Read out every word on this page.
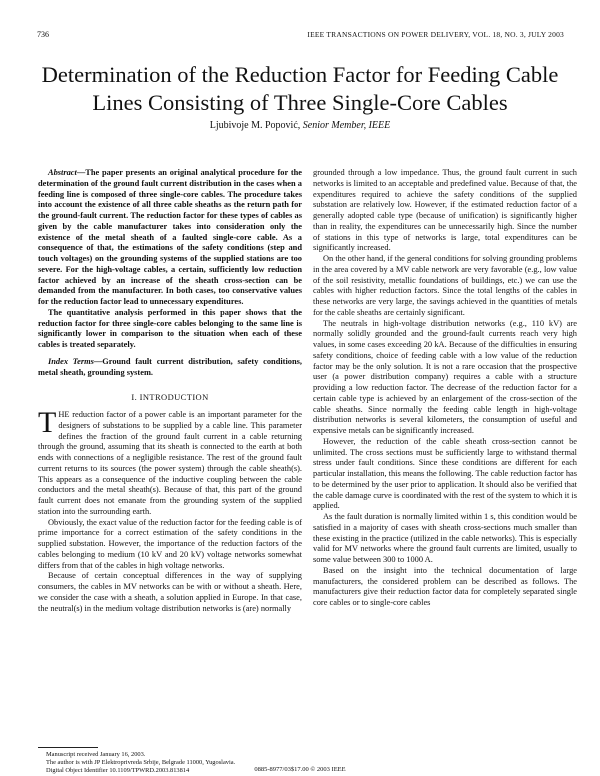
736	IEEE TRANSACTIONS ON POWER DELIVERY, VOL. 18, NO. 3, JULY 2003
Determination of the Reduction Factor for Feeding Cable Lines Consisting of Three Single-Core Cables
Ljubivoje M. Popović, Senior Member, IEEE

Abstract—The paper presents an original analytical procedure for the determination of the ground fault current distribution in the cases when a feeding line is composed of three single-core cables. The procedure takes into account the existence of all three cable sheaths as the return path for the ground-fault current. The reduction factor for these types of cables as given by the cable manufacturer takes into consideration only the existence of the metal sheath of a faulted single-core cable. As a consequence of that, the estimations of the safety conditions (step and touch voltages) on the grounding systems of the supplied stations are too severe. For the high-voltage cables, a certain, sufficiently low reduction factor achieved by an increase of the sheath cross-section can be demanded from the manufacturer. In both cases, too conservative values for the reduction factor lead to unnecessary expenditures.

The quantitative analysis performed in this paper shows that the reduction factor for three single-core cables belonging to the same line is significantly lower in comparison to the situation when each of these cables is treated separately.

Index Terms—Ground fault current distribution, safety conditions, metal sheath, grounding system.

I. INTRODUCTION

THE reduction factor of a power cable is an important parameter for the designers of substations to be supplied by a cable line. This parameter defines the fraction of the ground fault current in a cable returning through the ground, assuming that its sheath is connected to the earth at both ends with connections of a negligible resistance. The rest of the ground fault current returns to its sources (the power system) through the cable sheath(s). This appears as a consequence of the inductive coupling between the cable conductors and the metal sheath(s). Because of that, this part of the ground fault current does not emanate from the grounding system of the supplied station into the surrounding earth.

Obviously, the exact value of the reduction factor for the feeding cable is of prime importance for a correct estimation of the safety conditions in the supplied substation. However, the importance of the reduction factors of the cables belonging to medium (10 kV and 20 kV) voltage networks somewhat differs from that of the cables in high voltage networks.

Because of certain conceptual differences in the way of supplying consumers, the cables in MV networks can be with or without a sheath. Here, we consider the case with a sheath, a solution applied in Europe. In that case, the neutral(s) in the medium voltage distribution networks is (are) normally

grounded through a low impedance. Thus, the ground fault current in such networks is limited to an acceptable and predefined value. Because of that, the expenditures required to achieve the safety conditions of the supplied substation are relatively low. However, if the estimated reduction factor of a generally adopted cable type (because of unification) is significantly higher than in reality, the expenditures can be unnecessarily high. Since the number of stations in this type of networks is large, total expenditures can be significantly increased.

On the other hand, if the general conditions for solving grounding problems in the area covered by a MV cable network are very favorable (e.g., low value of the soil resistivity, metallic foundations of buildings, etc.) we can use the cables with higher reduction factors. Since the total lengths of the cables in these networks are very large, the savings achieved in the quantities of metals for the cable sheaths are certainly significant.

The neutrals in high-voltage distribution networks (e.g., 110 kV) are normally solidly grounded and the ground-fault currents reach very high values, in some cases exceeding 20 kA. Because of the difficulties in ensuring safety conditions, choice of feeding cable with a low value of the reduction factor may be the only solution. It is not a rare occasion that the prospective user (a power distribution company) requires a cable with a structure providing a low reduction factor. The decrease of the reduction factor for a certain cable type is achieved by an enlargement of the cross-section of the cable sheaths. Since normally the feeding cable length in high-voltage distribution networks is several kilometers, the consumption of useful and expensive metals can be significantly increased.

However, the reduction of the cable sheath cross-section cannot be unlimited. The cross sections must be sufficiently large to withstand thermal stress under fault conditions. Since these conditions are different for each particular installation, this means the following. The cable reduction factor has to be determined by the user prior to application. It should also be verified that the cable damage curve is coordinated with the rest of the system to which it is applied.

As the fault duration is normally limited within 1 s, this condition would be satisfied in a majority of cases with sheath cross-sections much smaller than these existing in the practice (utilized in the cable networks). This is especially valid for MV networks where the ground fault currents are limited, usually to some value between 300 to 1000 A.

Based on the insight into the technical documentation of large manufacturers, the considered problem can be described as follows. The manufacturers give their reduction factor data for completely separated single core cables or to single-core cables

Manuscript received January 16, 2003.

The author is with JP Elektroprivreda Srbije, Belgrade 11000, Yugoslavia.

Digital Object Identifier 10.1109/TPWRD.2003.813814	0885-8977/03$17.00 © 2003 IEEE
